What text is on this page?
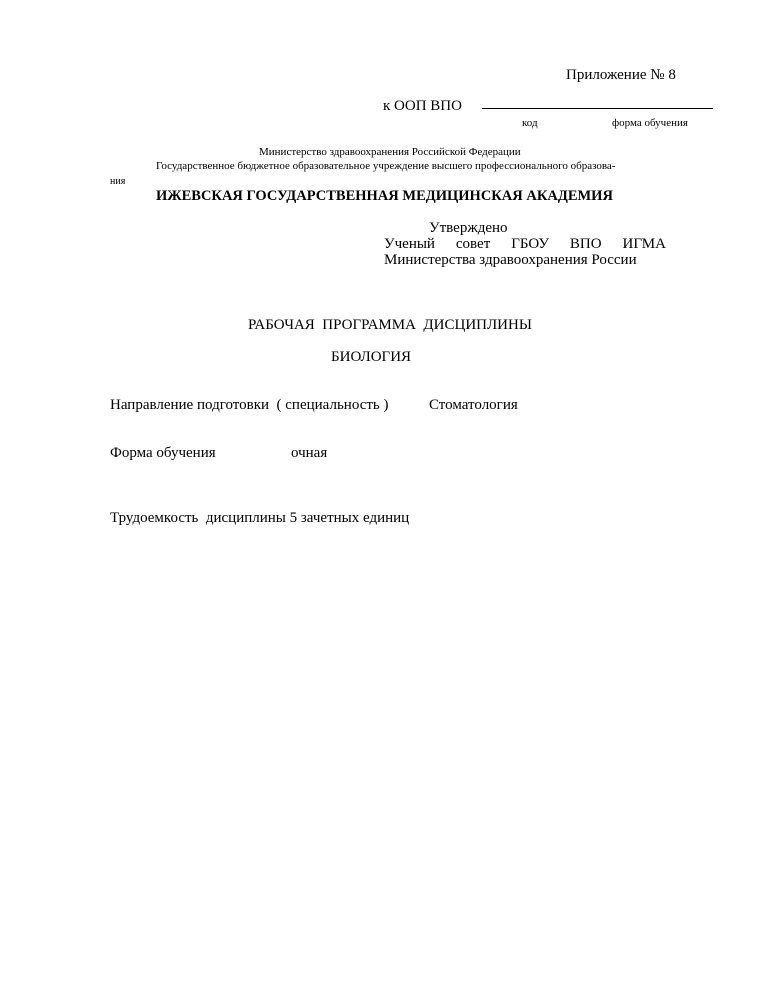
Приложение № 8
к ООП ВПО
код	форма обучения
Министерство здравоохранения Российской Федерации
Государственное бюджетное образовательное учреждение высшего профессионального образова-
ния
ИЖЕВСКАЯ ГОСУДАРСТВЕННАЯ МЕДИЦИНСКАЯ АКАДЕМИЯ
Утверждено
Ученый совет ГБОУ ВПО ИГМА
Министерства здравоохранения России
РАБОЧАЯ  ПРОГРАММА  ДИСЦИПЛИНЫ
БИОЛОГИЯ
Направление подготовки  ( специальность )	Стоматология
Форма обучения	очная
Трудоемкость  дисциплины 5 зачетных единиц
